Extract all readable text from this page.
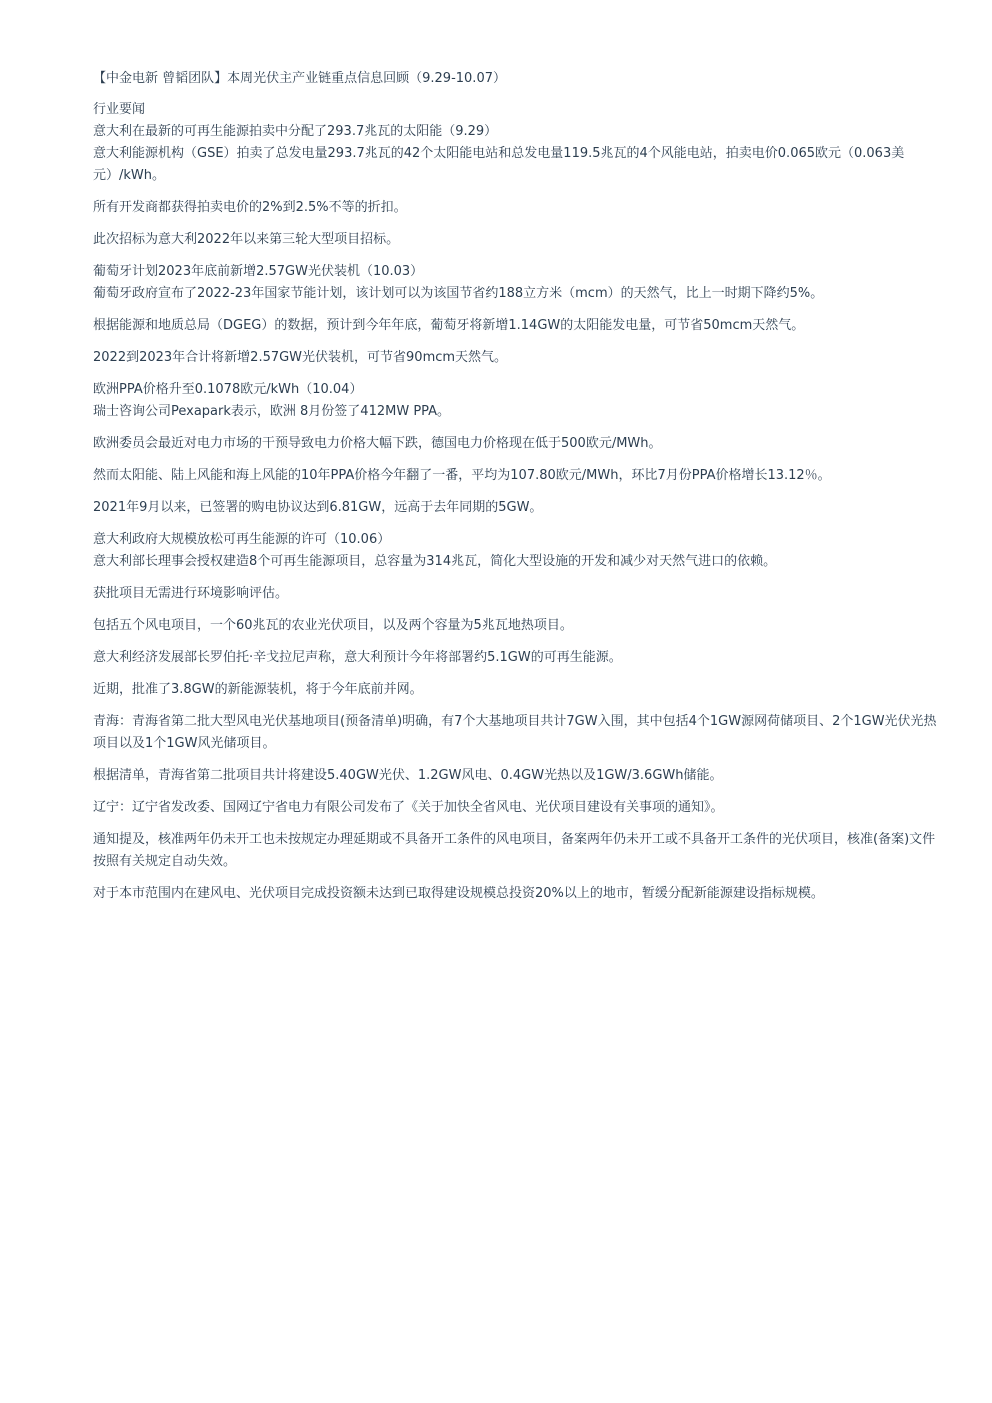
【中金电新 曾韬团队】本周光伏主产业链重点信息回顾（9.29-10.07）
行业要闻
意大利在最新的可再生能源拍卖中分配了293.7兆瓦的太阳能（9.29）
意大利能源机构（GSE）拍卖了总发电量293.7兆瓦的42个太阳能电站和总发电量119.5兆瓦的4个风能电站，拍卖电价0.065欧元（0.063美元）/kWh。
所有开发商都获得拍卖电价的2%到2.5%不等的折扣。
此次招标为意大利2022年以来第三轮大型项目招标。
葡萄牙计划2023年底前新增2.57GW光伏装机（10.03）
葡萄牙政府宣布了2022-23年国家节能计划，该计划可以为该国节省约188立方米（mcm）的天然气，比上一时期下降约5%。
根据能源和地质总局（DGEG）的数据，预计到今年年底，葡萄牙将新增1.14GW的太阳能发电量，可节省50mcm天然气。
2022到2023年合计将新增2.57GW光伏装机，可节省90mcm天然气。
欧洲PPA价格升至0.1078欧元/kWh（10.04）
瑞士咨询公司Pexapark表示，欧洲 8月份签了412MW PPA。
欧洲委员会最近对电力市场的干预导致电力价格大幅下跌，德国电力价格现在低于500欧元/MWh。
然而太阳能、陆上风能和海上风能的10年PPA价格今年翻了一番，平均为107.80欧元/MWh，环比7月份PPA价格增长13.12％。
2021年9月以来，已签署的购电协议达到6.81GW，远高于去年同期的5GW。
意大利政府大规模放松可再生能源的许可（10.06）
意大利部长理事会授权建造8个可再生能源项目，总容量为314兆瓦，简化大型设施的开发和减少对天然气进口的依赖。
获批项目无需进行环境影响评估。
包括五个风电项目，一个60兆瓦的农业光伏项目，以及两个容量为5兆瓦地热项目。
意大利经济发展部长罗伯托·辛戈拉尼声称，意大利预计今年将部署约5.1GW的可再生能源。
近期，批准了3.8GW的新能源装机，将于今年底前并网。
青海：青海省第二批大型风电光伏基地项目(预备清单)明确，有7个大基地项目共计7GW入围，其中包括4个1GW源网荷储项目、2个1GW光伏光热项目以及1个1GW风光储项目。
根据清单，青海省第二批项目共计将建设5.40GW光伏、1.2GW风电、0.4GW光热以及1GW/3.6GWh储能。
辽宁：辽宁省发改委、国网辽宁省电力有限公司发布了《关于加快全省风电、光伏项目建设有关事项的通知》。
通知提及，核准两年仍未开工也未按规定办理延期或不具备开工条件的风电项目，备案两年仍未开工或不具备开工条件的光伏项目，核准(备案)文件按照有关规定自动失效。
对于本市范围内在建风电、光伏项目完成投资额未达到已取得建设规模总投资20%以上的地市，暂缓分配新能源建设指标规模。
